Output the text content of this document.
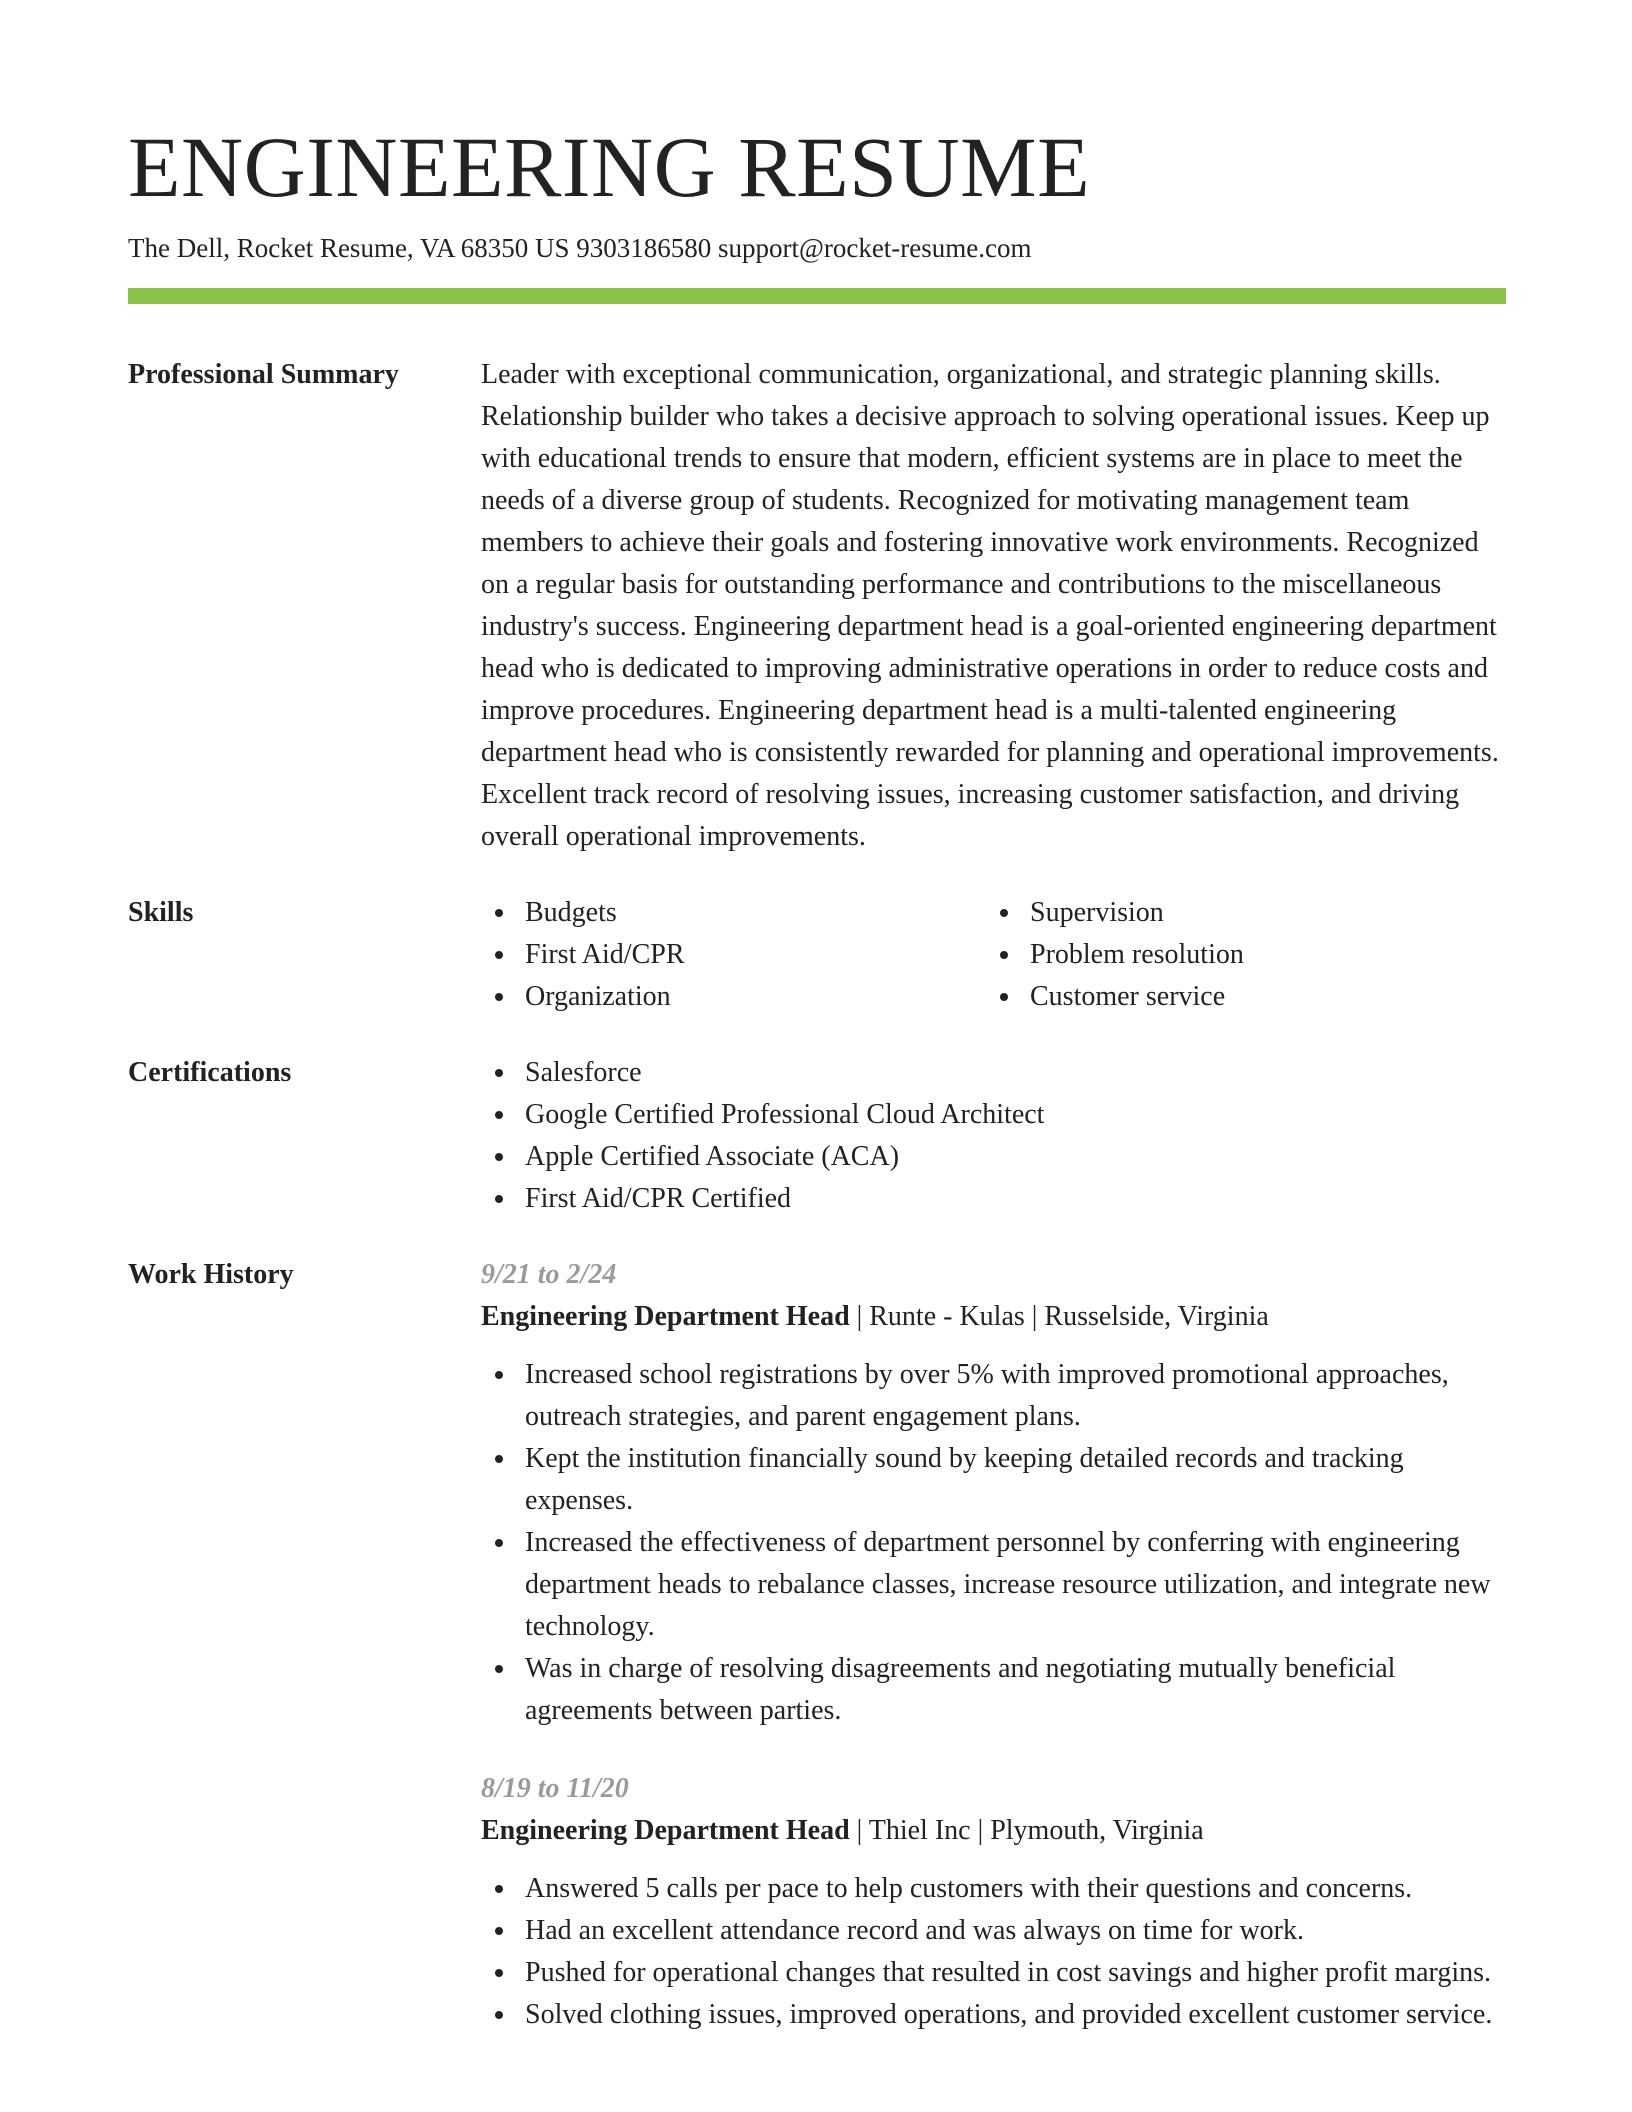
ENGINEERING RESUME
The Dell, Rocket Resume, VA 68350 US 9303186580 support@rocket-resume.com
Professional Summary	Leader with exceptional communication, organizational, and strategic planning skills. Relationship builder who takes a decisive approach to solving operational issues. Keep up with educational trends to ensure that modern, efficient systems are in place to meet the needs of a diverse group of students. Recognized for motivating management team members to achieve their goals and fostering innovative work environments. Recognized on a regular basis for outstanding performance and contributions to the miscellaneous industry's success. Engineering department head is a goal-oriented engineering department head who is dedicated to improving administrative operations in order to reduce costs and improve procedures. Engineering department head is a multi-talented engineering department head who is consistently rewarded for planning and operational improvements. Excellent track record of resolving issues, increasing customer satisfaction, and driving overall operational improvements.
Skills	Budgets
First Aid/CPR
Organization
Supervision
Problem resolution
Customer service
Certifications	Salesforce
Google Certified Professional Cloud Architect
Apple Certified Associate (ACA)
First Aid/CPR Certified
Work History	9/21 to 2/24
Engineering Department Head | Runte - Kulas | Russelside, Virginia
Increased school registrations by over 5% with improved promotional approaches, outreach strategies, and parent engagement plans.
Kept the institution financially sound by keeping detailed records and tracking expenses.
Increased the effectiveness of department personnel by conferring with engineering department heads to rebalance classes, increase resource utilization, and integrate new technology.
Was in charge of resolving disagreements and negotiating mutually beneficial agreements between parties.
8/19 to 11/20
Engineering Department Head | Thiel Inc | Plymouth, Virginia
Answered 5 calls per pace to help customers with their questions and concerns.
Had an excellent attendance record and was always on time for work.
Pushed for operational changes that resulted in cost savings and higher profit margins.
Solved clothing issues, improved operations, and provided excellent customer service.
